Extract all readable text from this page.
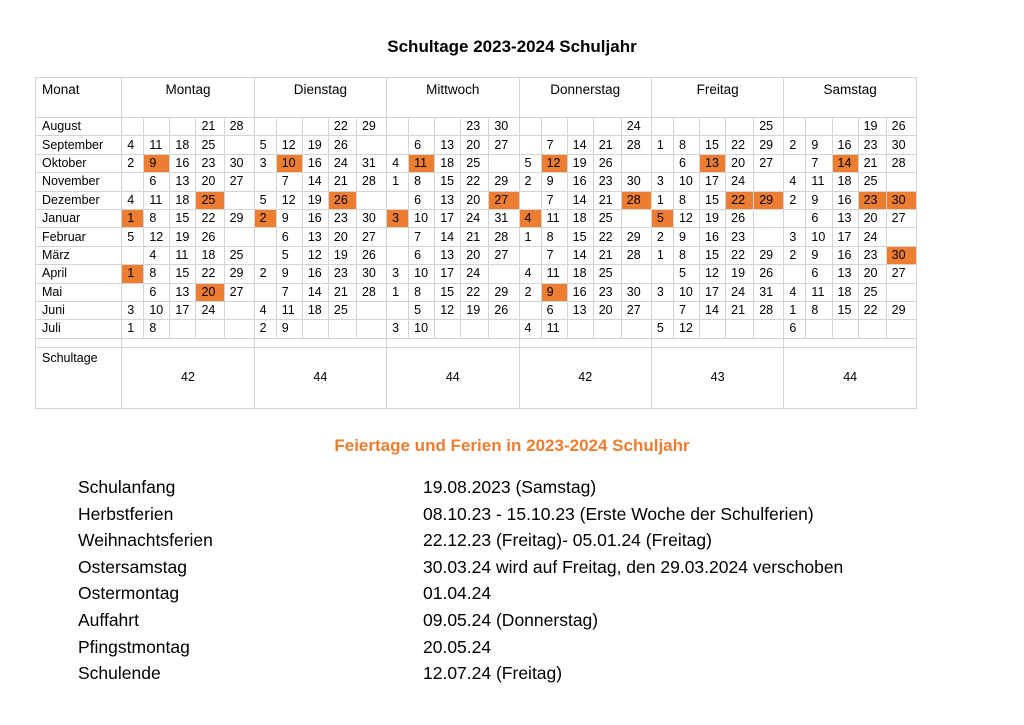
Schultage 2023-2024 Schuljahr
Monat	Montag					Dienstag					Mittwoch					Donnerstag					Freitag					Samstag				
August				21	28				22	29				23	30					24					25				19	26
September	4	11	18	25		5	12	19	26			6	13	20	27		7	14	21	28	1	8	15	22	29	2	9	16	23	30
Oktober	2	9	16	23	30	3	10	16	24	31	4	11	18	25		5	12	19	26			6	13	20	27		7	14	21	28
November		6	13	20	27		7	14	21	28	1	8	15	22	29	2	9	16	23	30	3	10	17	24		4	11	18	25	
Dezember	4	11	18	25		5	12	19	26			6	13	20	27		7	14	21	28	1	8	15	22	29	2	9	16	23	30
Januar	1	8	15	22	29	2	9	16	23	30	3	10	17	24	31	4	11	18	25		5	12	19	26			6	13	20	27
Februar	5	12	19	26			6	13	20	27		7	14	21	28	1	8	15	22	29	2	9	16	23		3	10	17	24	
März		4	11	18	25		5	12	19	26		6	13	20	27		7	14	21	28	1	8	15	22	29	2	9	16	23	30
April	1	8	15	22	29	2	9	16	23	30	3	10	17	24		4	11	18	25			5	12	19	26		6	13	20	27
Mai		6	13	20	27		7	14	21	28	1	8	15	22	29	2	9	16	23	30	3	10	17	24	31	4	11	18	25	
Juni	3	10	17	24		4	11	18	25			5	12	19	26		6	13	20	27		7	14	21	28	1	8	15	22	29
Juli	1	8				2	9				3	10				4	11				5	12				6				

Schultage	42					44					44					42					43					44				
Feiertage und Ferien in 2023-2024 Schuljahr
Schulanfang	19.08.2023 (Samstag)
Herbstferien	08.10.23 - 15.10.23 (Erste Woche der Schulferien)
Weihnachtsferien	22.12.23 (Freitag)- 05.01.24 (Freitag)
Ostersamstag	30.03.24 wird auf Freitag, den 29.03.2024 verschoben
Ostermontag	01.04.24
Auffahrt	09.05.24 (Donnerstag)
Pfingstmontag	20.05.24
Schulende	12.07.24 (Freitag)
